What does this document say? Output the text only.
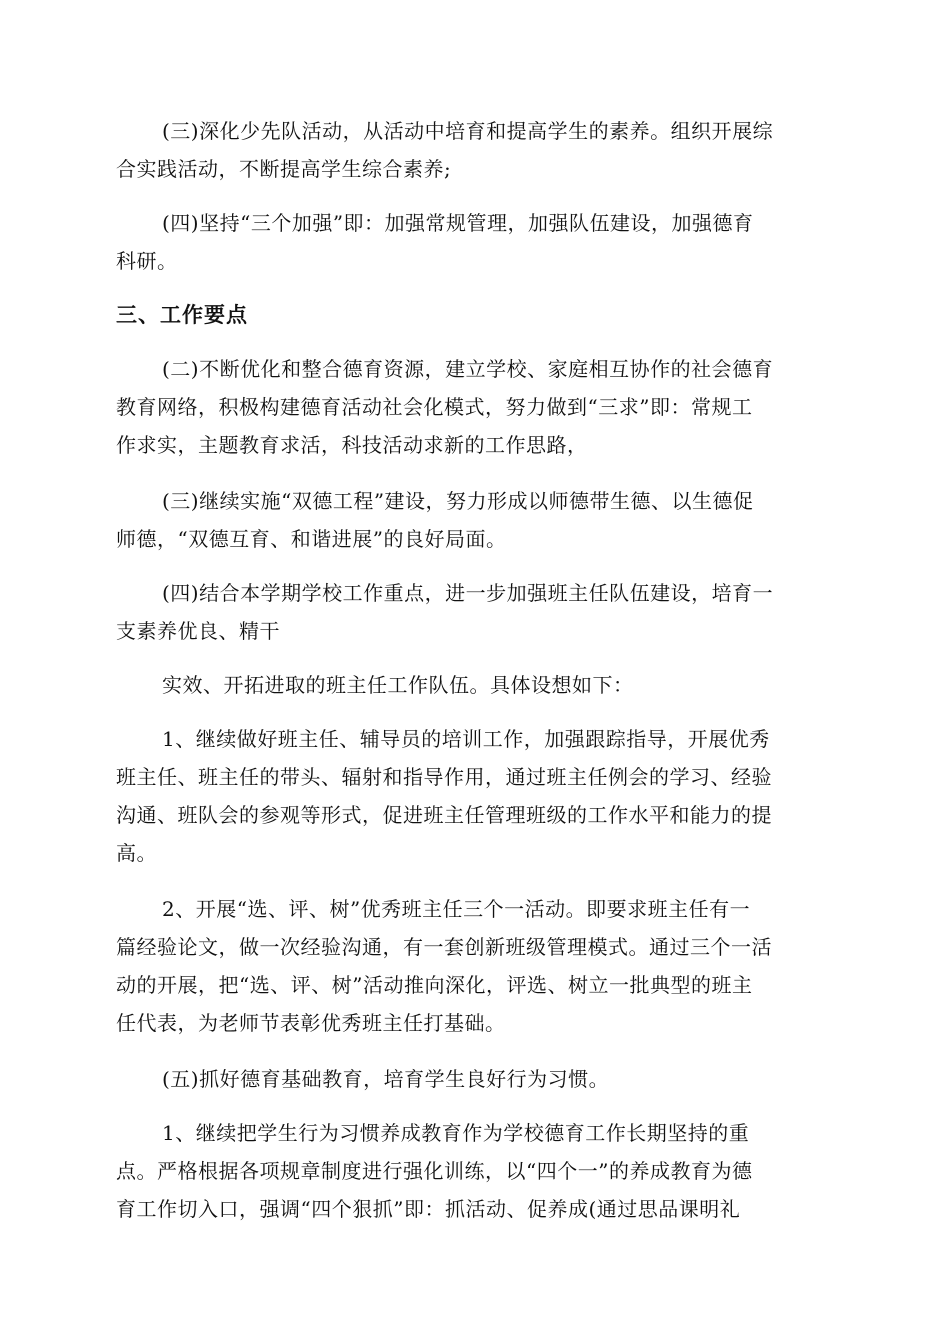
(三)深化少先队活动，从活动中培育和提高学生的素养。组织开展综
合实践活动，不断提高学生综合素养;
(四)坚持“三个加强”即：加强常规管理，加强队伍建设，加强德育
科研。
三、工作要点
(二)不断优化和整合德育资源，建立学校、家庭相互协作的社会德育
教育网络，积极构建德育活动社会化模式，努力做到“三求”即：常规工
作求实，主题教育求活，科技活动求新的工作思路，
(三)继续实施“双德工程”建设，努力形成以师德带生德、以生德促
师德，“双德互育、和谐进展”的良好局面。
(四)结合本学期学校工作重点，进一步加强班主任队伍建设，培育一
支素养优良、精干
实效、开拓进取的班主任工作队伍。具体设想如下：
1、继续做好班主任、辅导员的培训工作，加强跟踪指导，开展优秀
班主任、班主任的带头、辐射和指导作用，通过班主任例会的学习、经验
沟通、班队会的参观等形式，促进班主任管理班级的工作水平和能力的提
高。
2、开展“选、评、树”优秀班主任三个一活动。即要求班主任有一
篇经验论文，做一次经验沟通，有一套创新班级管理模式。通过三个一活
动的开展，把“选、评、树”活动推向深化，评选、树立一批典型的班主
任代表，为老师节表彰优秀班主任打基础。
(五)抓好德育基础教育，培育学生良好行为习惯。
1、继续把学生行为习惯养成教育作为学校德育工作长期坚持的重
点。严格根据各项规章制度进行强化训练，以“四个一”的养成教育为德
育工作切入口，强调“四个狠抓”即：抓活动、促养成(通过思品课明礼
